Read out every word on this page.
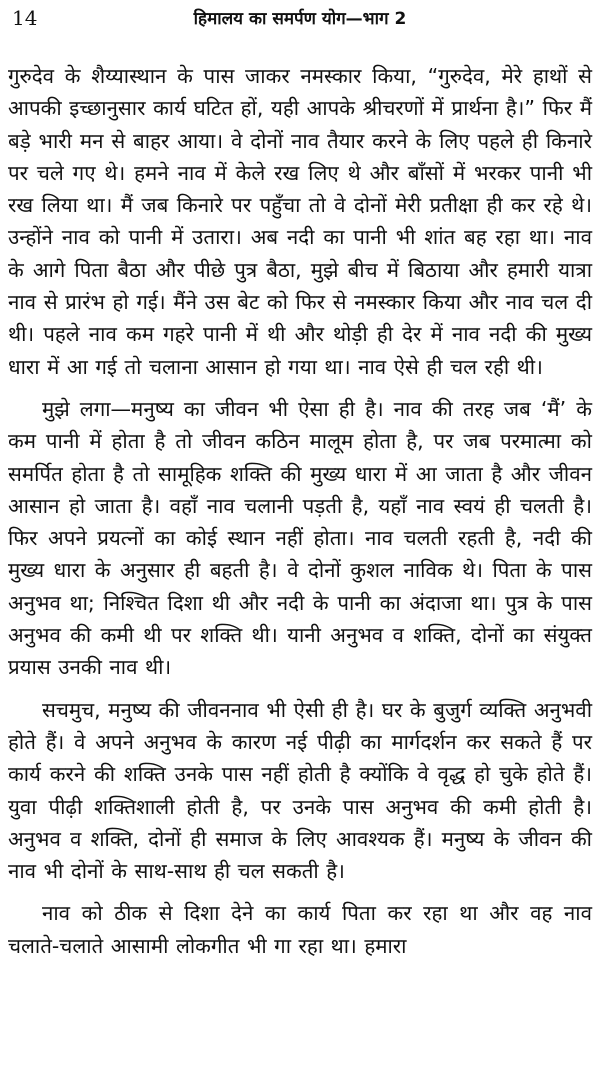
14	हिमालय का समर्पण योग—भाग 2

गुरुदेव के शैय्यास्थान के पास जाकर नमस्कार किया, “गुरुदेव, मेरे हाथों से आपकी इच्छानुसार कार्य घटित हों, यही आपके श्रीचरणों में प्रार्थना है।” फिर मैं बड़े भारी मन से बाहर आया। वे दोनों नाव तैयार करने के लिए पहले ही किनारे पर चले गए थे। हमने नाव में केले रख लिए थे और बाँसों में भरकर पानी भी रख लिया था। मैं जब किनारे पर पहुँचा तो वे दोनों मेरी प्रतीक्षा ही कर रहे थे। उन्होंने नाव को पानी में उतारा। अब नदी का पानी भी शांत बह रहा था। नाव के आगे पिता बैठा और पीछे पुत्र बैठा, मुझे बीच में बिठाया और हमारी यात्रा नाव से प्रारंभ हो गई। मैंने उस बेट को फिर से नमस्कार किया और नाव चल दी थी। पहले नाव कम गहरे पानी में थी और थोड़ी ही देर में नाव नदी की मुख्य धारा में आ गई तो चलाना आसान हो गया था। नाव ऐसे ही चल रही थी।

मुझे लगा—मनुष्य का जीवन भी ऐसा ही है। नाव की तरह जब ‘मैं’ के कम पानी में होता है तो जीवन कठिन मालूम होता है, पर जब परमात्मा को समर्पित होता है तो सामूहिक शक्ति की मुख्य धारा में आ जाता है और जीवन आसान हो जाता है। वहाँ नाव चलानी पड़ती है, यहाँ नाव स्वयं ही चलती है। फिर अपने प्रयत्नों का कोई स्थान नहीं होता। नाव चलती रहती है, नदी की मुख्य धारा के अनुसार ही बहती है। वे दोनों कुशल नाविक थे। पिता के पास अनुभव था; निश्चित दिशा थी और नदी के पानी का अंदाजा था। पुत्र के पास अनुभव की कमी थी पर शक्ति थी। यानी अनुभव व शक्ति, दोनों का संयुक्त प्रयास उनकी नाव थी।

सचमुच, मनुष्य की जीवननाव भी ऐसी ही है। घर के बुजुर्ग व्यक्ति अनुभवी होते हैं। वे अपने अनुभव के कारण नई पीढ़ी का मार्गदर्शन कर सकते हैं पर कार्य करने की शक्ति उनके पास नहीं होती है क्योंकि वे वृद्ध हो चुके होते हैं। युवा पीढ़ी शक्तिशाली होती है, पर उनके पास अनुभव की कमी होती है। अनुभव व शक्ति, दोनों ही समाज के लिए आवश्यक हैं। मनुष्य के जीवन की नाव भी दोनों के साथ-साथ ही चल सकती है।

नाव को ठीक से दिशा देने का कार्य पिता कर रहा था और वह नाव चलाते-चलाते आसामी लोकगीत भी गा रहा था। हमारा
